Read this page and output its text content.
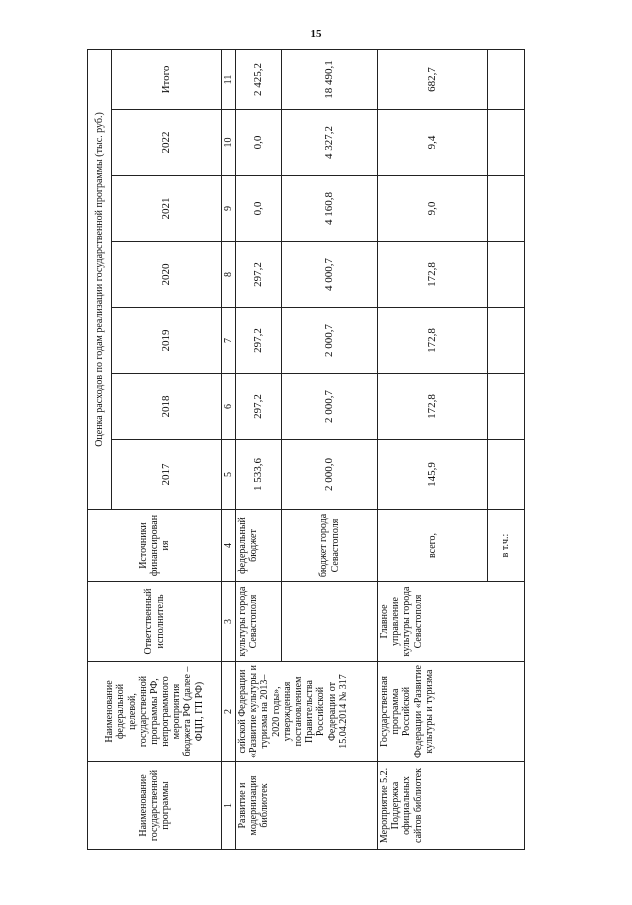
15
Наименование государственной программы	Наименование федеральной целевой, государственной программы РФ, непрограммного мероприятия бюджета РФ (далее – ФЦП, ГП РФ)	Ответственный исполнитель	Источники финансирования	Оценка расходов по годам реализации государственной программы (тыс. руб.)						
				2017	2018	2019	2020	2021	2022	Итого
1	2	3	4	5	6	7	8	9	10	11
Развитие и модернизация библиотек	сийской Федерации «Развитие культуры и туризма на 2013–2020 годы», утвержденная постановлением Правительства Российской Федерации от 15.04.2014 № 317	культуры города Севастополя	федеральный бюджет	1 533,6	297,2	297,2	297,2	0,0	0,0	2 425,2
			бюджет города Севастополя	2 000,0	2 000,7	2 000,7	4 000,7	4 160,8	4 327,2	18 490,1
Мероприятие 5.2. Поддержка официальных сайтов библиотек	Государственная программа Российской Федерации «Развитие культуры и туризма	Главное управление культуры города Севастополя	всего,	145,9	172,8	172,8	172,8	9,0	9,4	682,7
			в т.ч.:							
